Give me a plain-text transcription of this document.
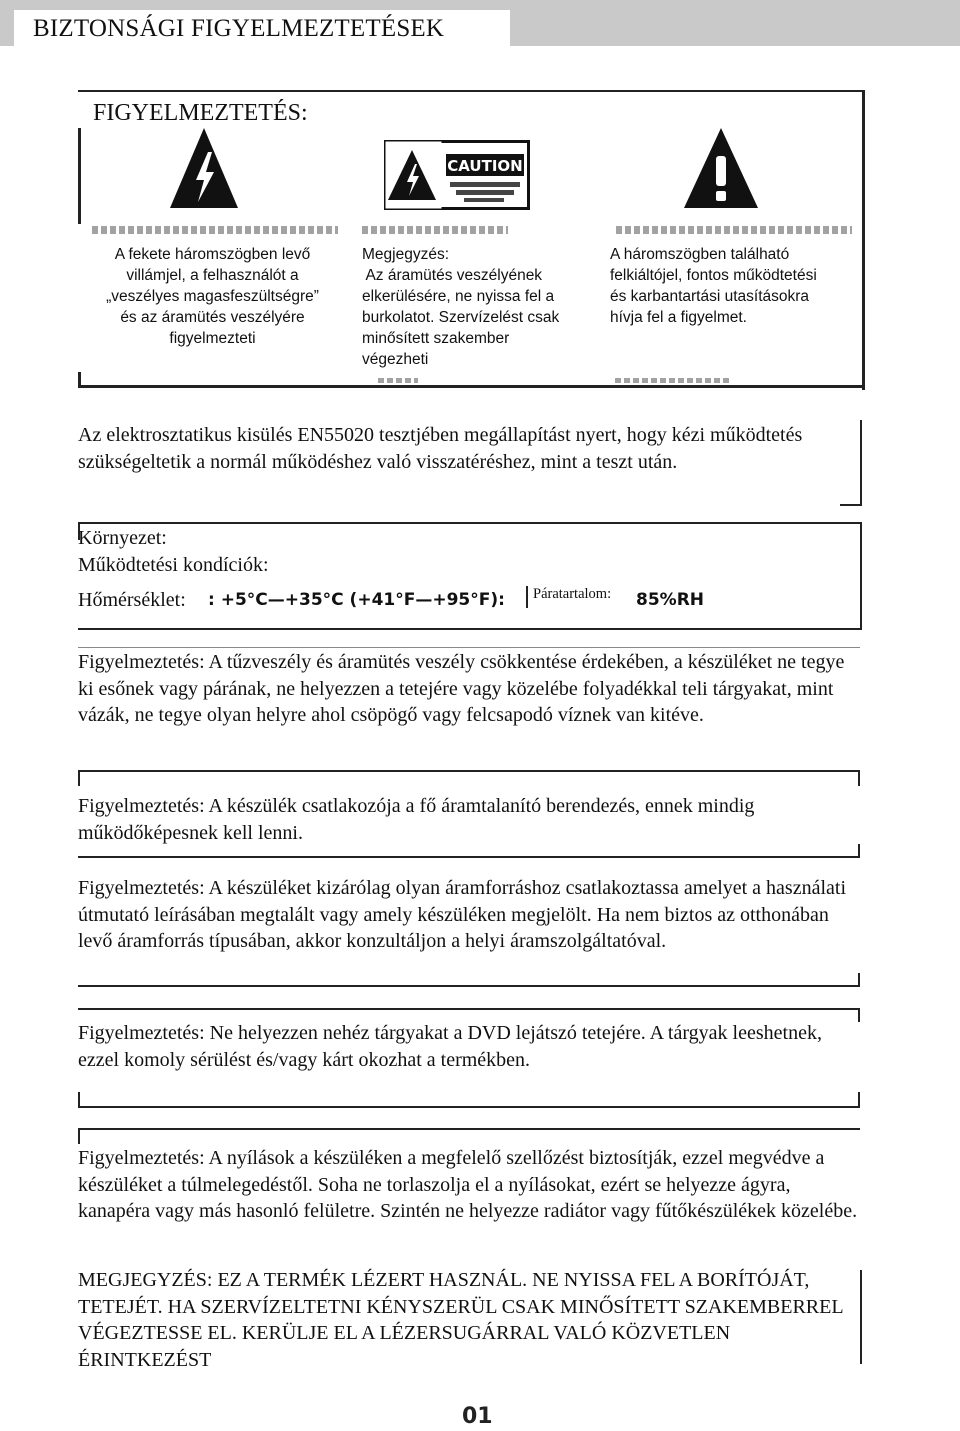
BIZTONSÁGI FIGYELMEZTETÉSEK
FIGYELMEZTETÉS:
CAUTION
A fekete háromszögben levő
villámjel, a felhasználót a
„veszélyes magasfeszültségre”
és az áramütés veszélyére
figyelmezteti
Megjegyzés:
Az áramütés veszélyének
elkerülésére, ne nyissa fel a
burkolatot. Szervízelést csak
minősített szakember
végezheti
A háromszögben található
felkiáltójel, fontos működtetési
és karbantartási utasításokra
hívja fel a figyelmet.
Az elektrosztatikus kisülés EN55020 tesztjében megállapítást nyert, hogy kézi működtetés szükségeltetik a normál működéshez való visszatéréshez, mint a teszt után.
Környezet:
Működtetési kondíciók:
Hőmérséklet:	: +5°C—+35°C (+41°F—+95°F): Páratartalom: 85%RH
Figyelmeztetés: A tűzveszély és áramütés veszély csökkentése érdekében, a készüléket ne tegye ki esőnek vagy párának, ne helyezzen a tetejére vagy közelébe folyadékkal teli tárgyakat, mint vázák, ne tegye olyan helyre ahol csöpögő vagy felcsapodó víznek van kitéve.
Figyelmeztetés: A készülék csatlakozója a fő áramtalanító berendezés, ennek mindig működőképesnek kell lenni.
Figyelmeztetés: A készüléket kizárólag olyan áramforráshoz csatlakoztassa amelyet a használati útmutató leírásában megtalált vagy amely készüléken megjelölt. Ha nem biztos az otthonában levő áramforrás típusában, akkor konzultáljon a helyi áramszolgáltatóval.
Figyelmeztetés: Ne helyezzen nehéz tárgyakat a DVD lejátszó tetejére. A tárgyak leeshetnek, ezzel komoly sérülést és/vagy kárt okozhat a termékben.
Figyelmeztetés: A nyílások a készüléken a megfelelő szellőzést biztosítják, ezzel megvédve a készüléket a túlmelegedéstől. Soha ne torlaszolja el a nyílásokat, ezért se helyezze ágyra, kanapéra vagy más hasonló felületre. Szintén ne helyezze radiátor vagy fűtőkészülékek közelébe.
MEGJEGYZÉS: EZ A TERMÉK LÉZERT HASZNÁL. NE NYISSA FEL A BORÍTÓJÁT, TETEJÉT. HA SZERVÍZELTETNI KÉNYSZERÜL CSAK MINŐSÍTETT SZAKEMBERREL VÉGEZTESSE EL. KERÜLJE EL A LÉZERSUGÁRRAL VALÓ KÖZVETLEN ÉRINTKEZÉST
01
